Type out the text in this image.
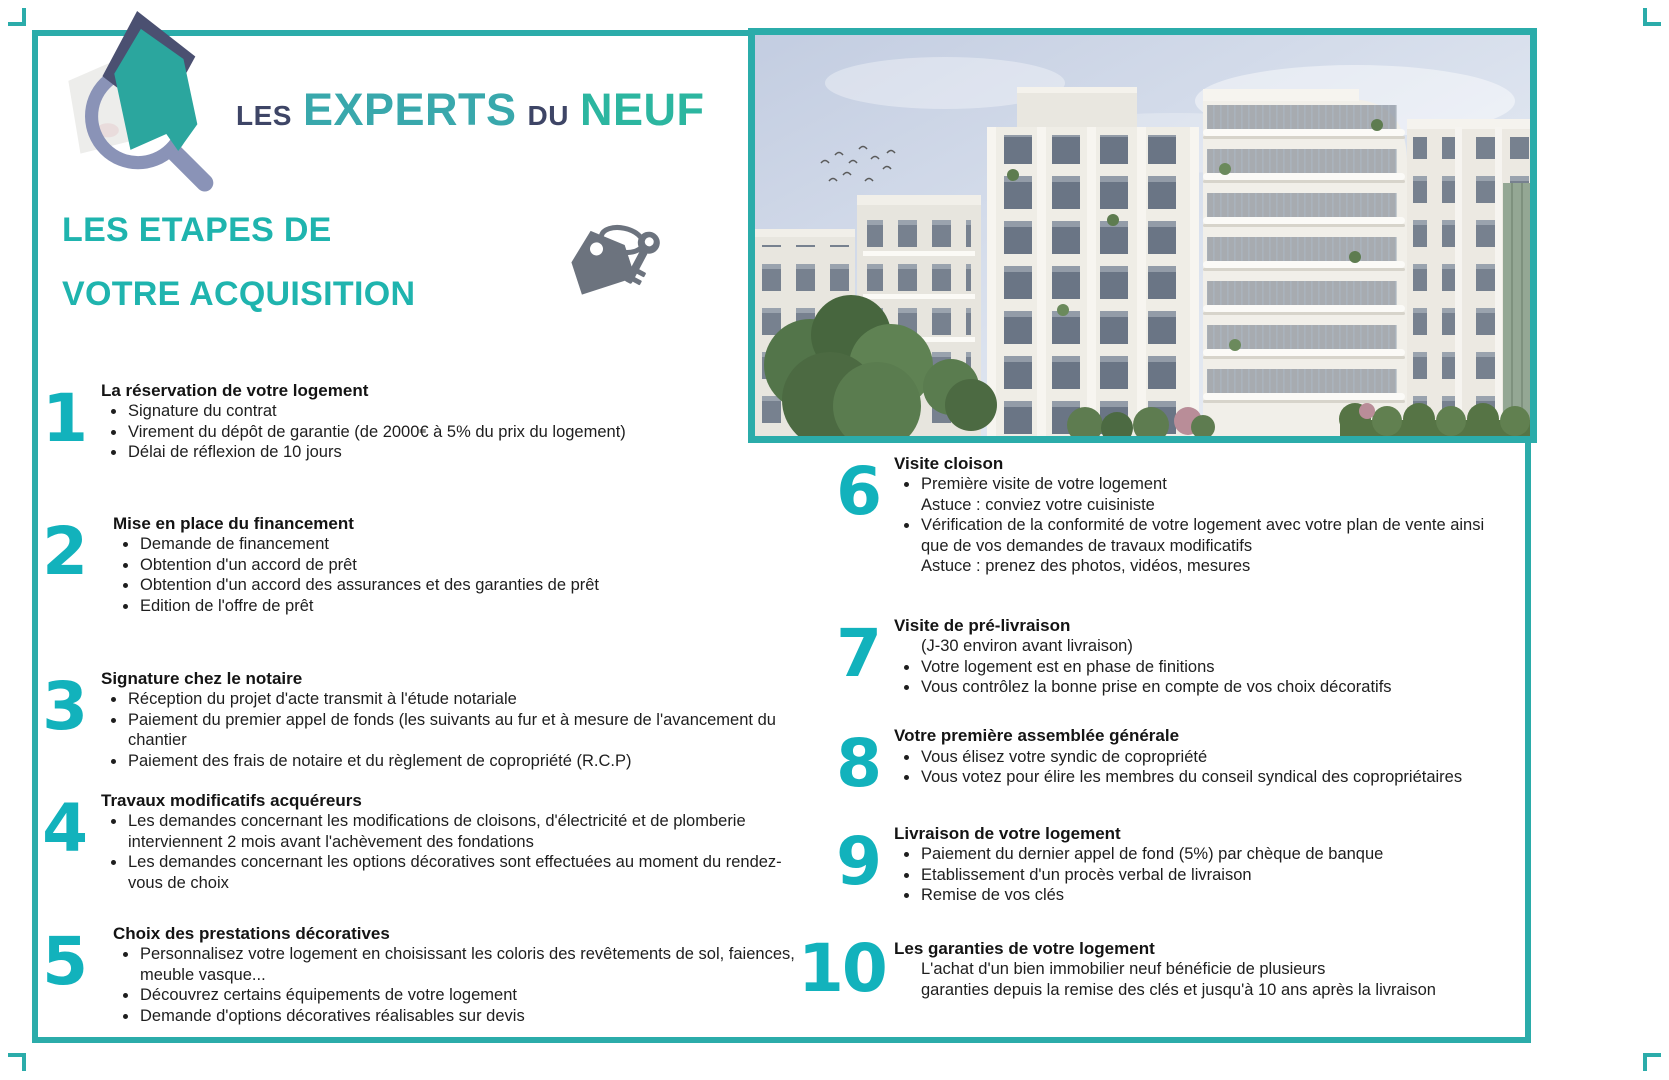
LES EXPERTS DU NEUF
LES ETAPES DE
VOTRE ACQUISITION
1 La réservation de votre logement
Signature du contrat
Virement du dépôt de garantie (de 2000€ à 5% du prix du logement)
Délai de réflexion de 10 jours
2	Mise en place du financement
Demande de financement
Obtention d'un accord de prêt
Obtention d'un accord des assurances et des garanties de prêt
Edition de l'offre de prêt
3 Signature chez le notaire
Réception du projet d'acte transmit à l'étude notariale
Paiement du premier appel de fonds (les suivants au fur et à mesure de l'avancement du chantier
Paiement des frais de notaire et du règlement de copropriété (R.C.P)
4 Travaux modificatifs acquéreurs
Les demandes concernant les modifications de cloisons, d'électricité et de plomberie interviennent 2 mois avant l'achèvement des fondations
Les demandes concernant les options décoratives sont effectuées au moment du rendez-vous de choix
5	Choix des prestations décoratives
Personnalisez votre logement en choisissant les coloris des revêtements de sol, faiences, meuble vasque...
Découvrez certains équipements de votre logement
Demande d'options décoratives réalisables sur devis
6 Visite cloison
Première visite de votre logement
Astuce : conviez votre cuisiniste
Vérification de la conformité de votre logement avec votre plan de vente ainsi que de vos demandes de travaux modificatifs
Astuce : prenez des photos, vidéos, mesures
7 Visite de pré-livraison
(J-30 environ avant livraison)
Votre logement est en phase de finitions
Vous contrôlez la bonne prise en compte de vos choix décoratifs
8 Votre première assemblée générale
Vous élisez votre syndic de copropriété
Vous votez pour élire les membres du conseil syndical des copropriétaires
9 Livraison de votre logement
Paiement du dernier appel de fond (5%) par chèque de banque
Etablissement d'un procès verbal de livraison
Remise de vos clés
10 Les garanties de votre logement
L'achat d'un bien immobilier neuf bénéficie de plusieurs
garanties depuis la remise des clés et jusqu'à 10 ans après la livraison
